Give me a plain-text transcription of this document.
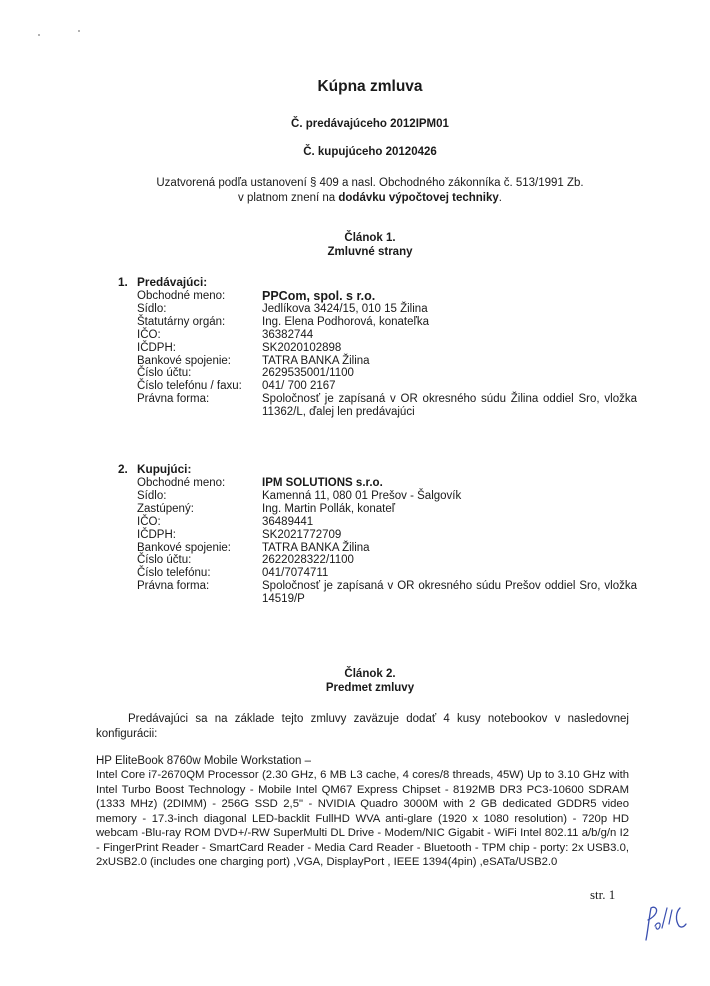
Kúpna zmluva
Č. predávajúceho 2012IPM01
Č. kupujúceho 20120426
Uzatvorená podľa ustanovení § 409 a nasl. Obchodného zákonníka č. 513/1991 Zb.
v platnom znení na dodávku výpočtovej techniky.
Článok 1.
Zmluvné strany
1. Predávajúci:
Obchodné meno:	PPCom, spol. s r.o.
Sídlo:	Jedlíkova 3424/15, 010 15 Žilina
Štatutárny orgán:	Ing. Elena Podhorová, konateľka
IČO:	36382744
IČDPH:	SK2020102898
Bankové spojenie:	TATRA BANKA Žilina
Číslo účtu:	2629535001/1100
Číslo telefónu / faxu:	041/ 700 2167
Právna forma:	Spoločnosť je zapísaná v OR okresného súdu Žilina oddiel Sro, vložka 11362/L, ďalej len predávajúci
2. Kupujúci:
Obchodné meno:	IPM SOLUTIONS s.r.o.
Sídlo:	Kamenná 11, 080 01 Prešov - Šalgovík
Zastúpený:	Ing. Martin Pollák, konateľ
IČO:	36489441
IČDPH:	SK2021772709
Bankové spojenie:	TATRA BANKA Žilina
Číslo účtu:	2622028322/1100
Číslo telefónu:	041/7074711
Právna forma:	Spoločnosť je zapísaná v OR okresného súdu Prešov oddiel Sro, vložka 14519/P
Článok 2.
Predmet zmluvy
Predávajúci sa na základe tejto zmluvy zaväzuje dodať 4 kusy notebookov v nasledovnej konfigurácii:
HP EliteBook 8760w Mobile Workstation –
Intel Core i7-2670QM Processor (2.30 GHz, 6 MB L3 cache, 4 cores/8 threads, 45W) Up to 3.10 GHz with Intel Turbo Boost Technology - Mobile Intel QM67 Express Chipset - 8192MB DR3 PC3-10600 SDRAM (1333 MHz) (2DIMM) - 256G SSD 2,5" - NVIDIA Quadro 3000M with 2 GB dedicated GDDR5 video memory - 17.3-inch diagonal LED-backlit FullHD WVA anti-glare (1920 x 1080 resolution) - 720p HD webcam -Blu-ray ROM DVD+/-RW SuperMulti DL Drive - Modem/NIC Gigabit - WiFi Intel 802.11 a/b/g/n I2 - FingerPrint Reader - SmartCard Reader - Media Card Reader - Bluetooth - TPM chip - porty: 2x USB3.0, 2xUSB2.0 (includes one charging port) ,VGA, DisplayPort , IEEE 1394(4pin) ,eSATa/USB2.0
str. 1
